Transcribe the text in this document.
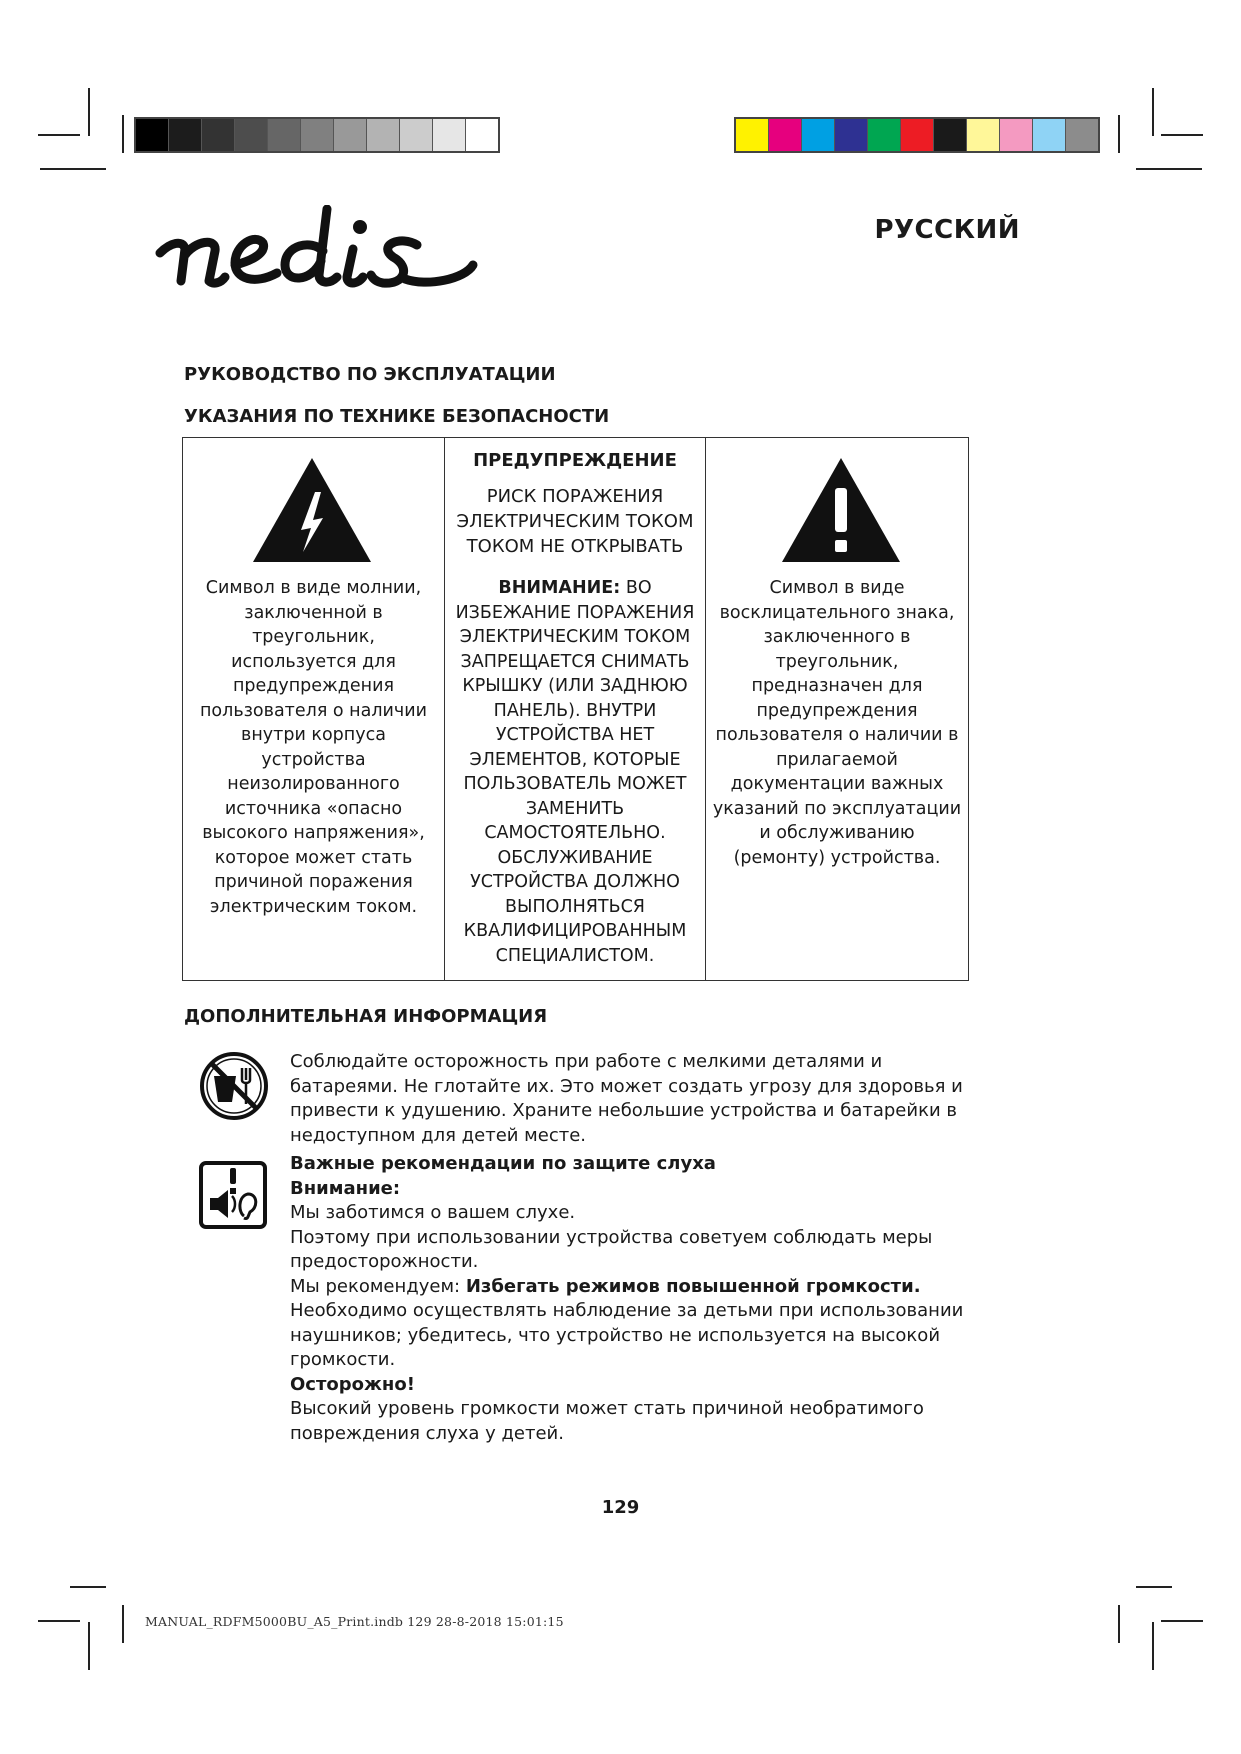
РУССКИЙ
РУКОВОДСТВО ПО ЭКСПЛУАТАЦИИ
УКАЗАНИЯ ПО ТЕХНИКЕ БЕЗОПАСНОСТИ
Символ в виде молнии, заключенной в треугольник, используется для предупреждения пользователя о наличии внутри корпуса устройства неизолированного источника «опасно высокого напряжения», которое может стать причиной поражения электрическим током.
ПРЕДУПРЕЖДЕНИЕ
РИСК ПОРАЖЕНИЯ ЭЛЕКТРИЧЕСКИМ ТОКОМ ТОКОМ НЕ ОТКРЫВАТЬ
ВНИМАНИЕ: ВО ИЗБЕЖАНИЕ ПОРАЖЕНИЯ ЭЛЕКТРИЧЕСКИМ ТОКОМ ЗАПРЕЩАЕТСЯ СНИМАТЬ КРЫШКУ (ИЛИ ЗАДНЮЮ ПАНЕЛЬ). ВНУТРИ УСТРОЙСТВА НЕТ ЭЛЕМЕНТОВ, КОТОРЫЕ ПОЛЬЗОВАТЕЛЬ МОЖЕТ ЗАМЕНИТЬ САМОСТОЯТЕЛЬНО. ОБСЛУЖИВАНИЕ УСТРОЙСТВА ДОЛЖНО ВЫПОЛНЯТЬСЯ КВАЛИФИЦИРОВАННЫМ СПЕЦИАЛИСТОМ.
Символ в виде восклицательного знака, заключенного в треугольник, предназначен для предупреждения пользователя о наличии в прилагаемой документации важных указаний по эксплуатации и обслуживанию (ремонту) устройства.
ДОПОЛНИТЕЛЬНАЯ ИНФОРМАЦИЯ
Соблюдайте осторожность при работе с мелкими деталями и батареями. Не глотайте их. Это может создать угрозу для здоровья и привести к удушению. Храните небольшие устройства и батарейки в недоступном для детей месте.
Важные рекомендации по защите слуха
Внимание:
Мы заботимся о вашем слухе.
Поэтому при использовании устройства советуем соблюдать меры предосторожности.
Мы рекомендуем: Избегать режимов повышенной громкости.
Необходимо осуществлять наблюдение за детьми при использовании наушников; убедитесь, что устройство не используется на высокой громкости.
Осторожно!
Высокий уровень громкости может стать причиной необратимого повреждения слуха у детей.
129
MANUAL_RDFM5000BU_A5_Print.indb 129 28-8-2018 15:01:15
